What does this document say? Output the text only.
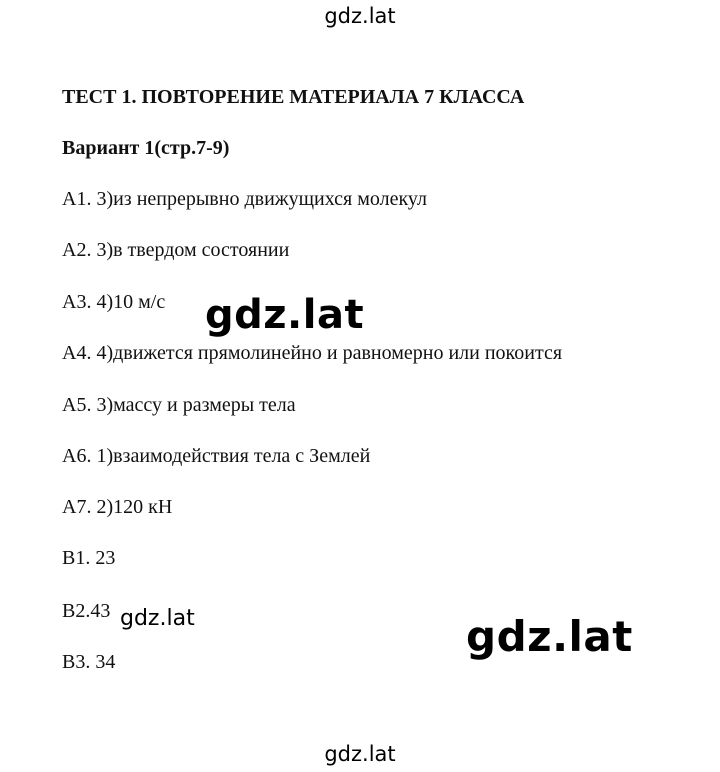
gdz.lat
ТЕСТ 1. ПОВТОРЕНИЕ МАТЕРИАЛА 7 КЛАССА
Вариант 1(стр.7-9)
А1. 3)из непрерывно движущихся молекул
А2. 3)в твердом состоянии
А3. 4)10 м/с
А4. 4)движется прямолинейно и равномерно или покоится
А5. 3)массу и размеры тела
А6. 1)взаимодействия тела с Землей
А7. 2)120 кН
В1. 23
В2.43
В3. 34
gdz.lat
gdz.lat	gdz.lat
gdz.lat
